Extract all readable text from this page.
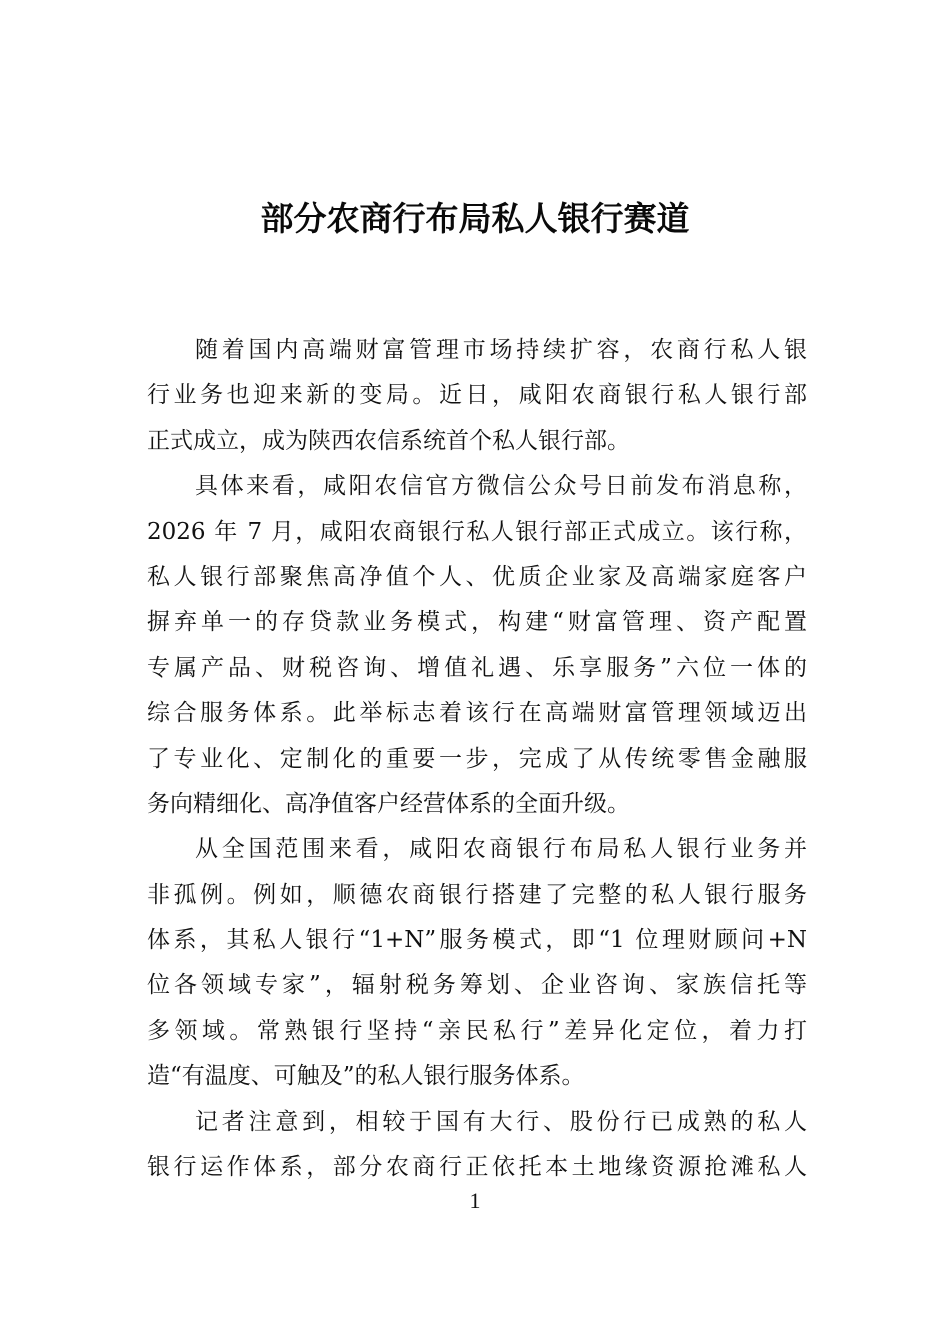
部分农商行布局私人银行赛道
随着国内高端财富管理市场持续扩容，农商行私人银
行业务也迎来新的变局。近日，咸阳农商银行私人银行部
正式成立，成为陕西农信系统首个私人银行部。
具体来看，咸阳农信官方微信公众号日前发布消息称，
2026 年 7 月，咸阳农商银行私人银行部正式成立。该行称，
私人银行部聚焦高净值个人、优质企业家及高端家庭客户
摒弃单一的存贷款业务模式，构建“财富管理、资产配置
专属产品、财税咨询、增值礼遇、乐享服务”六位一体的
综合服务体系。此举标志着该行在高端财富管理领域迈出
了专业化、定制化的重要一步，完成了从传统零售金融服
务向精细化、高净值客户经营体系的全面升级。
从全国范围来看，咸阳农商银行布局私人银行业务并
非孤例。例如，顺德农商银行搭建了完整的私人银行服务
体系，其私人银行“1+N”服务模式，即“1 位理财顾问+N
位各领域专家”，辐射税务筹划、企业咨询、家族信托等
多领域。常熟银行坚持“亲民私行”差异化定位，着力打
造“有温度、可触及”的私人银行服务体系。
记者注意到，相较于国有大行、股份行已成熟的私人
银行运作体系，部分农商行正依托本土地缘资源抢滩私人
1
